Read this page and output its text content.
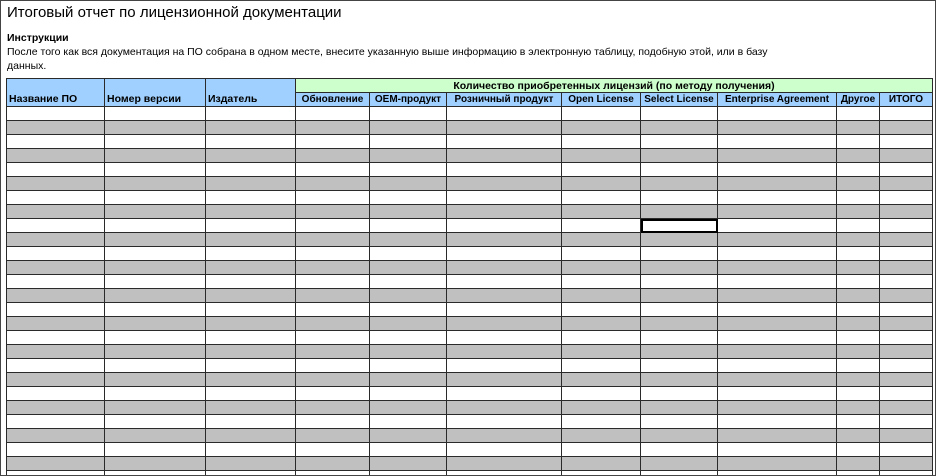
Итоговый отчет по лицензионной документации
Инструкции
После того как вся документация на ПО собрана в одном месте, внесите указанную выше информацию в электронную таблицу, подобную этой, или в базу данных.
Название ПО	Номер версии	Издатель	Количество приобретенных лицензий (по методу получения)							
			Обновление	OEM-продукт	Розничный продукт	Open License	Select License	Enterprise Agreement	Другое	ИТОГО
